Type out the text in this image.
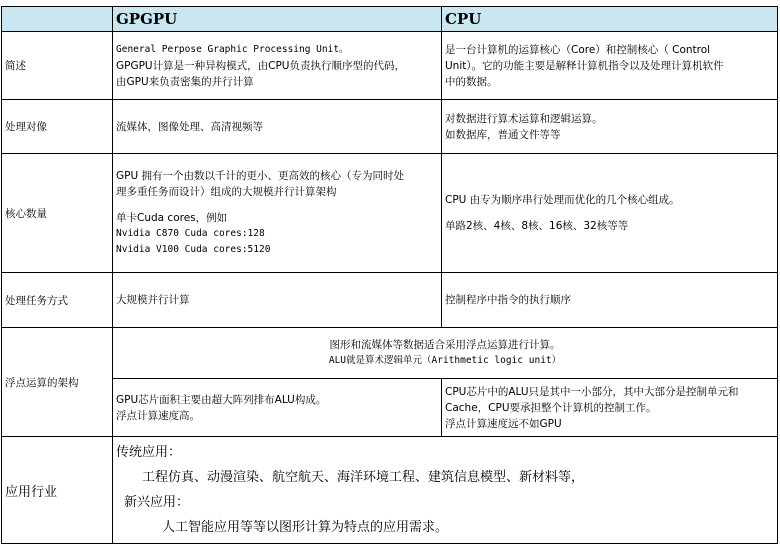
	GPGPU	CPU
简述	General Perpose Graphic Processing Unit。
GPGPU计算是一种异构模式，由CPU负责执行顺序型的代码，
由GPU来负责密集的并行计算	是一台计算机的运算核心（Core）和控制核心（ Control
Unit）。它的功能主要是解释计算机指令以及处理计算机软件
中的数据。

处理对像	流媒体，图像处理、高清视频等	对数据进行算术运算和逻辑运算。
如数据库，普通文件等等

核心数量	GPU 拥有一个由数以千计的更小、更高效的核心（专为同时处
理多重任务而设计）组成的大规模并行计算架构
单卡Cuda cores，例如
Nvidia C870 Cuda cores:128
Nvidia V100 Cuda cores:5120	CPU 由专为顺序串行处理而优化的几个核心组成。
单路2核、4核、8核、16核、32核等等

处理任务方式	大规模并行计算	控制程序中指令的执行顺序

浮点运算的架构	图形和流媒体等数据适合采用浮点运算进行计算。
ALU就是算术逻辑单元（Arithmetic logic unit）	

	GPU芯片面积主要由超大阵列排布ALU构成。
浮点计算速度高。	CPU芯片中的ALU只是其中一小部分，其中大部分是控制单元和
Cache，CPU要承担整个计算机的控制工作。
浮点计算速度远不如GPU

应用行业	传统应用：
工程仿真、动漫渲染、航空航天、海洋环境工程、建筑信息模型、新材料等，
新兴应用：
人工智能应用等等以图形计算为特点的应用需求。	
